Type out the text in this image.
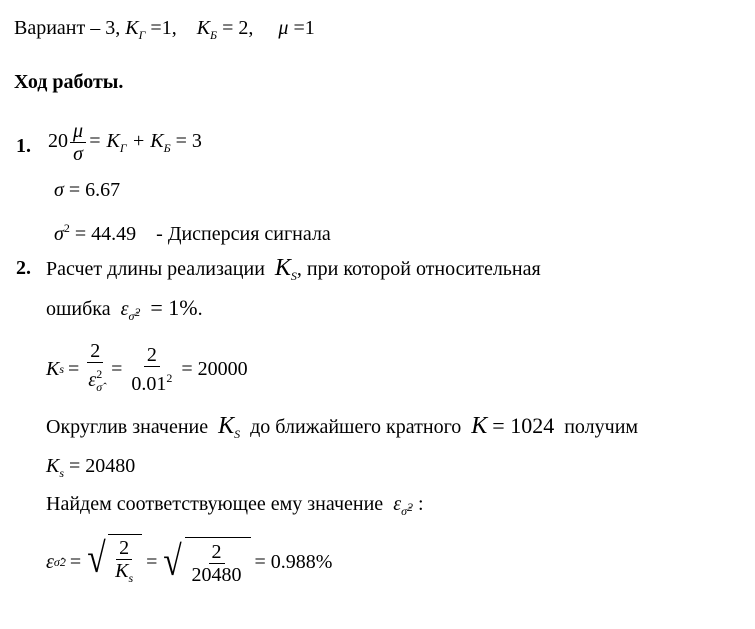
Вариант – 3, $K_Г =1$, $K_Б = 2$, μ =1
Ход работы.
1. $20 \frac{\mu}{\sigma} = K_Г + K_Б = 3$
σ = 6.67
$\sigma^2 = 44.49$ - Дисперсия сигнала
2. Расчет длины реализации $K_S$, при которой относительная
ошибка $\varepsilon_{\sigmâ}2 = 1\%$.
K $s = \frac{2}{\varepsilon^2_{\sigmâ}} = \frac{2}{0.01^2} = 20000$
Округлив значение $K_S$ до ближайшего кратного K = 1024 получим
$K_s = 20480$
Найдем соответствующее ему значение $\varepsilon_{\sigmâ}2$ :
ε σ̂ 2 = √ $\frac{2}{K_s}$ = √ $\frac{2}{20480} = 0.988\%$
